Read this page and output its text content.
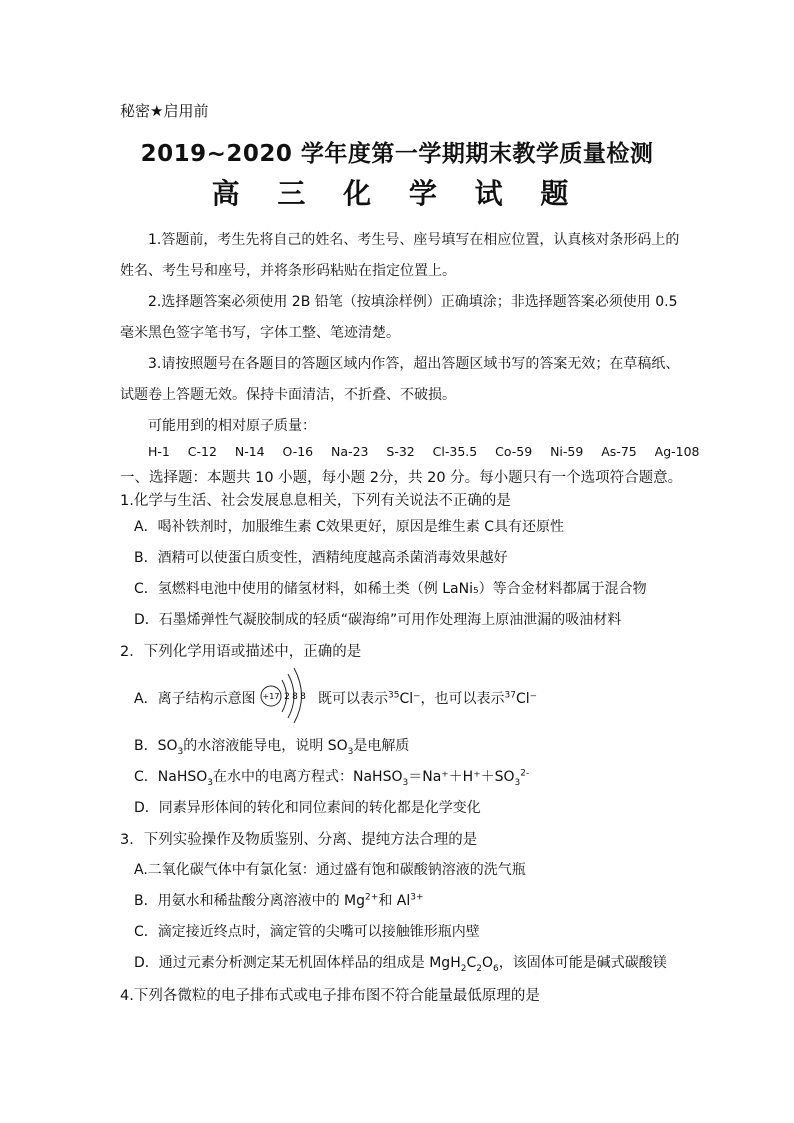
秘密★启用前
2019~2020 学年度第一学期期末教学质量检测
高 三 化 学 试 题
1.答题前，考生先将自己的姓名、考生号、座号填写在相应位置，认真核对条形码上的
姓名、考生号和座号，并将条形码粘贴在指定位置上。
2.选择题答案必须使用 2B 铅笔（按填涂样例）正确填涂；非选择题答案必须使用 0.5
毫米黑色签字笔书写，字体工整、笔迹清楚。
3.请按照题号在各题目的答题区域内作答，超出答题区域书写的答案无效；在草稿纸、
试题卷上答题无效。保持卡面清洁，不折叠、不破损。
可能用到的相对原子质量：
H-1   C-12   N-14   O-16   Na-23   S-32   Cl-35.5   Co-59   Ni-59   As-75   Ag-108
一、选择题：本题共 10 小题，每小题 2分，共 20 分。每小题只有一个选项符合题意。
1.化学与生活、社会发展息息相关，下列有关说法不正确的是
A．喝补铁剂时，加服维生素 C效果更好，原因是维生素 C具有还原性
B．酒精可以使蛋白质变性，酒精纯度越高杀菌消毒效果越好
C．氢燃料电池中使用的储氢材料，如稀土类（例 LaNi₅）等合金材料都属于混合物
D．石墨烯弹性气凝胶制成的轻质“碳海绵”可用作处理海上原油泄漏的吸油材料
2．下列化学用语或描述中，正确的是
A．离子结构示意图 +17 2 8 8 既可以表示$^{35}$Cl⁻，也可以表示$^{37}$Cl⁻
B．$SO_3$的水溶液能导电，说明 $SO_3$是电解质
C．NaHSO$_3$在水中的电离方程式：$NaHSO_3=Na^++H^++SO_3^{2-}$
D．同素异形体间的转化和同位素间的转化都是化学变化
3．下列实验操作及物质鉴别、分离、提纯方法合理的是
A.二氧化碳气体中有氯化氢：通过盛有饱和碳酸钠溶液的洗气瓶
B．用氨水和稀盐酸分离溶液中的 $Mg^{2+}$和 $Al^{3+}$
C．滴定接近终点时，滴定管的尖嘴可以接触锥形瓶内壁
D．通过元素分析测定某无机固体样品的组成是 $MgH_2C_2O_6$，该固体可能是碱式碳酸镁
4.下列各微粒的电子排布式或电子排布图不符合能量最低原理的是
